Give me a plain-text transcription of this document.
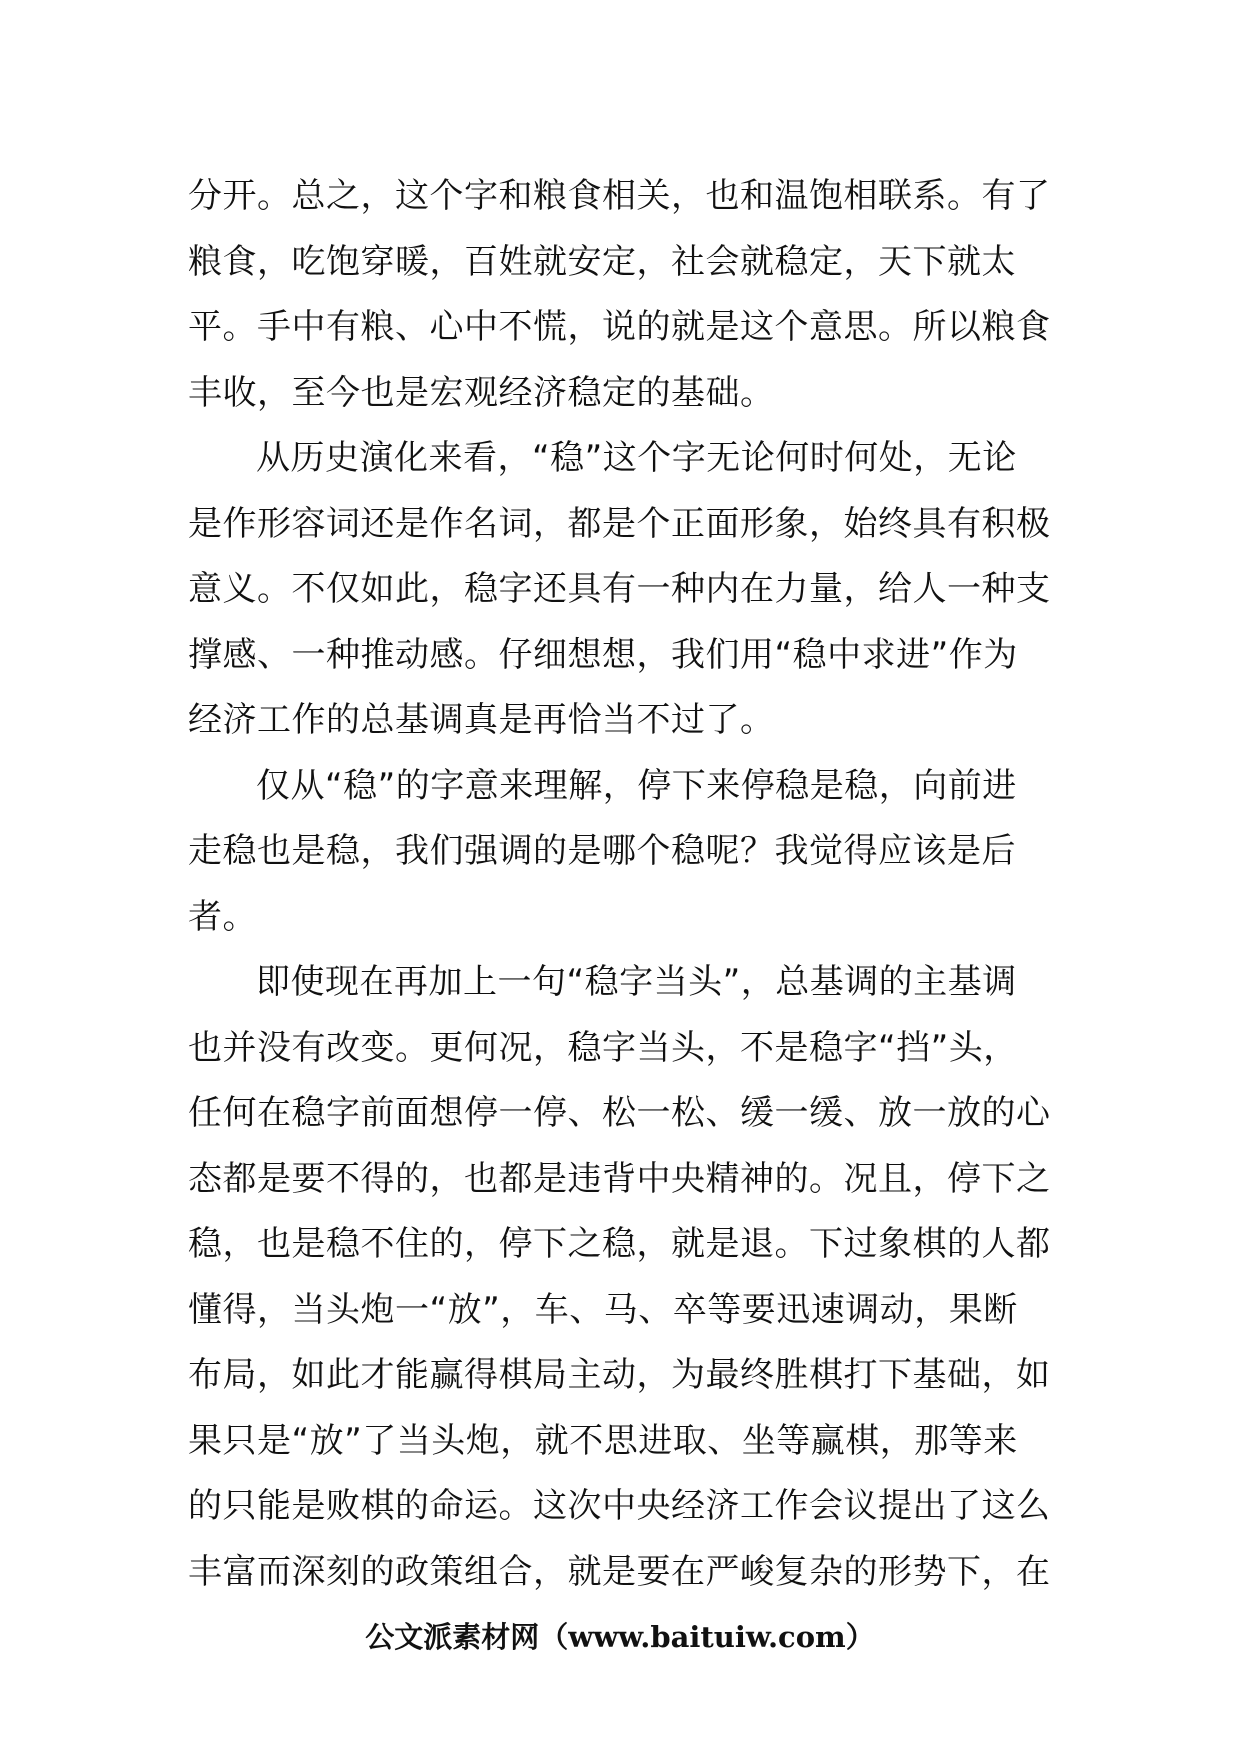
分开。总之，这个字和粮食相关，也和温饱相联系。有了
粮食，吃饱穿暖，百姓就安定，社会就稳定，天下就太
平。手中有粮、心中不慌，说的就是这个意思。所以粮食
丰收，至今也是宏观经济稳定的基础。
从历史演化来看，“稳”这个字无论何时何处，无论
是作形容词还是作名词，都是个正面形象，始终具有积极
意义。不仅如此，稳字还具有一种内在力量，给人一种支
撑感、一种推动感。仔细想想，我们用“稳中求进”作为
经济工作的总基调真是再恰当不过了。
仅从“稳”的字意来理解，停下来停稳是稳，向前进
走稳也是稳，我们强调的是哪个稳呢？我觉得应该是后
者。
即使现在再加上一句“稳字当头”，总基调的主基调
也并没有改变。更何况，稳字当头，不是稳字“挡”头，
任何在稳字前面想停一停、松一松、缓一缓、放一放的心
态都是要不得的，也都是违背中央精神的。况且，停下之
稳，也是稳不住的，停下之稳，就是退。下过象棋的人都
懂得，当头炮一“放”，车、马、卒等要迅速调动，果断
布局，如此才能赢得棋局主动，为最终胜棋打下基础，如
果只是“放”了当头炮，就不思进取、坐等赢棋，那等来
的只能是败棋的命运。这次中央经济工作会议提出了这么
丰富而深刻的政策组合，就是要在严峻复杂的形势下，在
公文派素材网（www.baituiw.com）
